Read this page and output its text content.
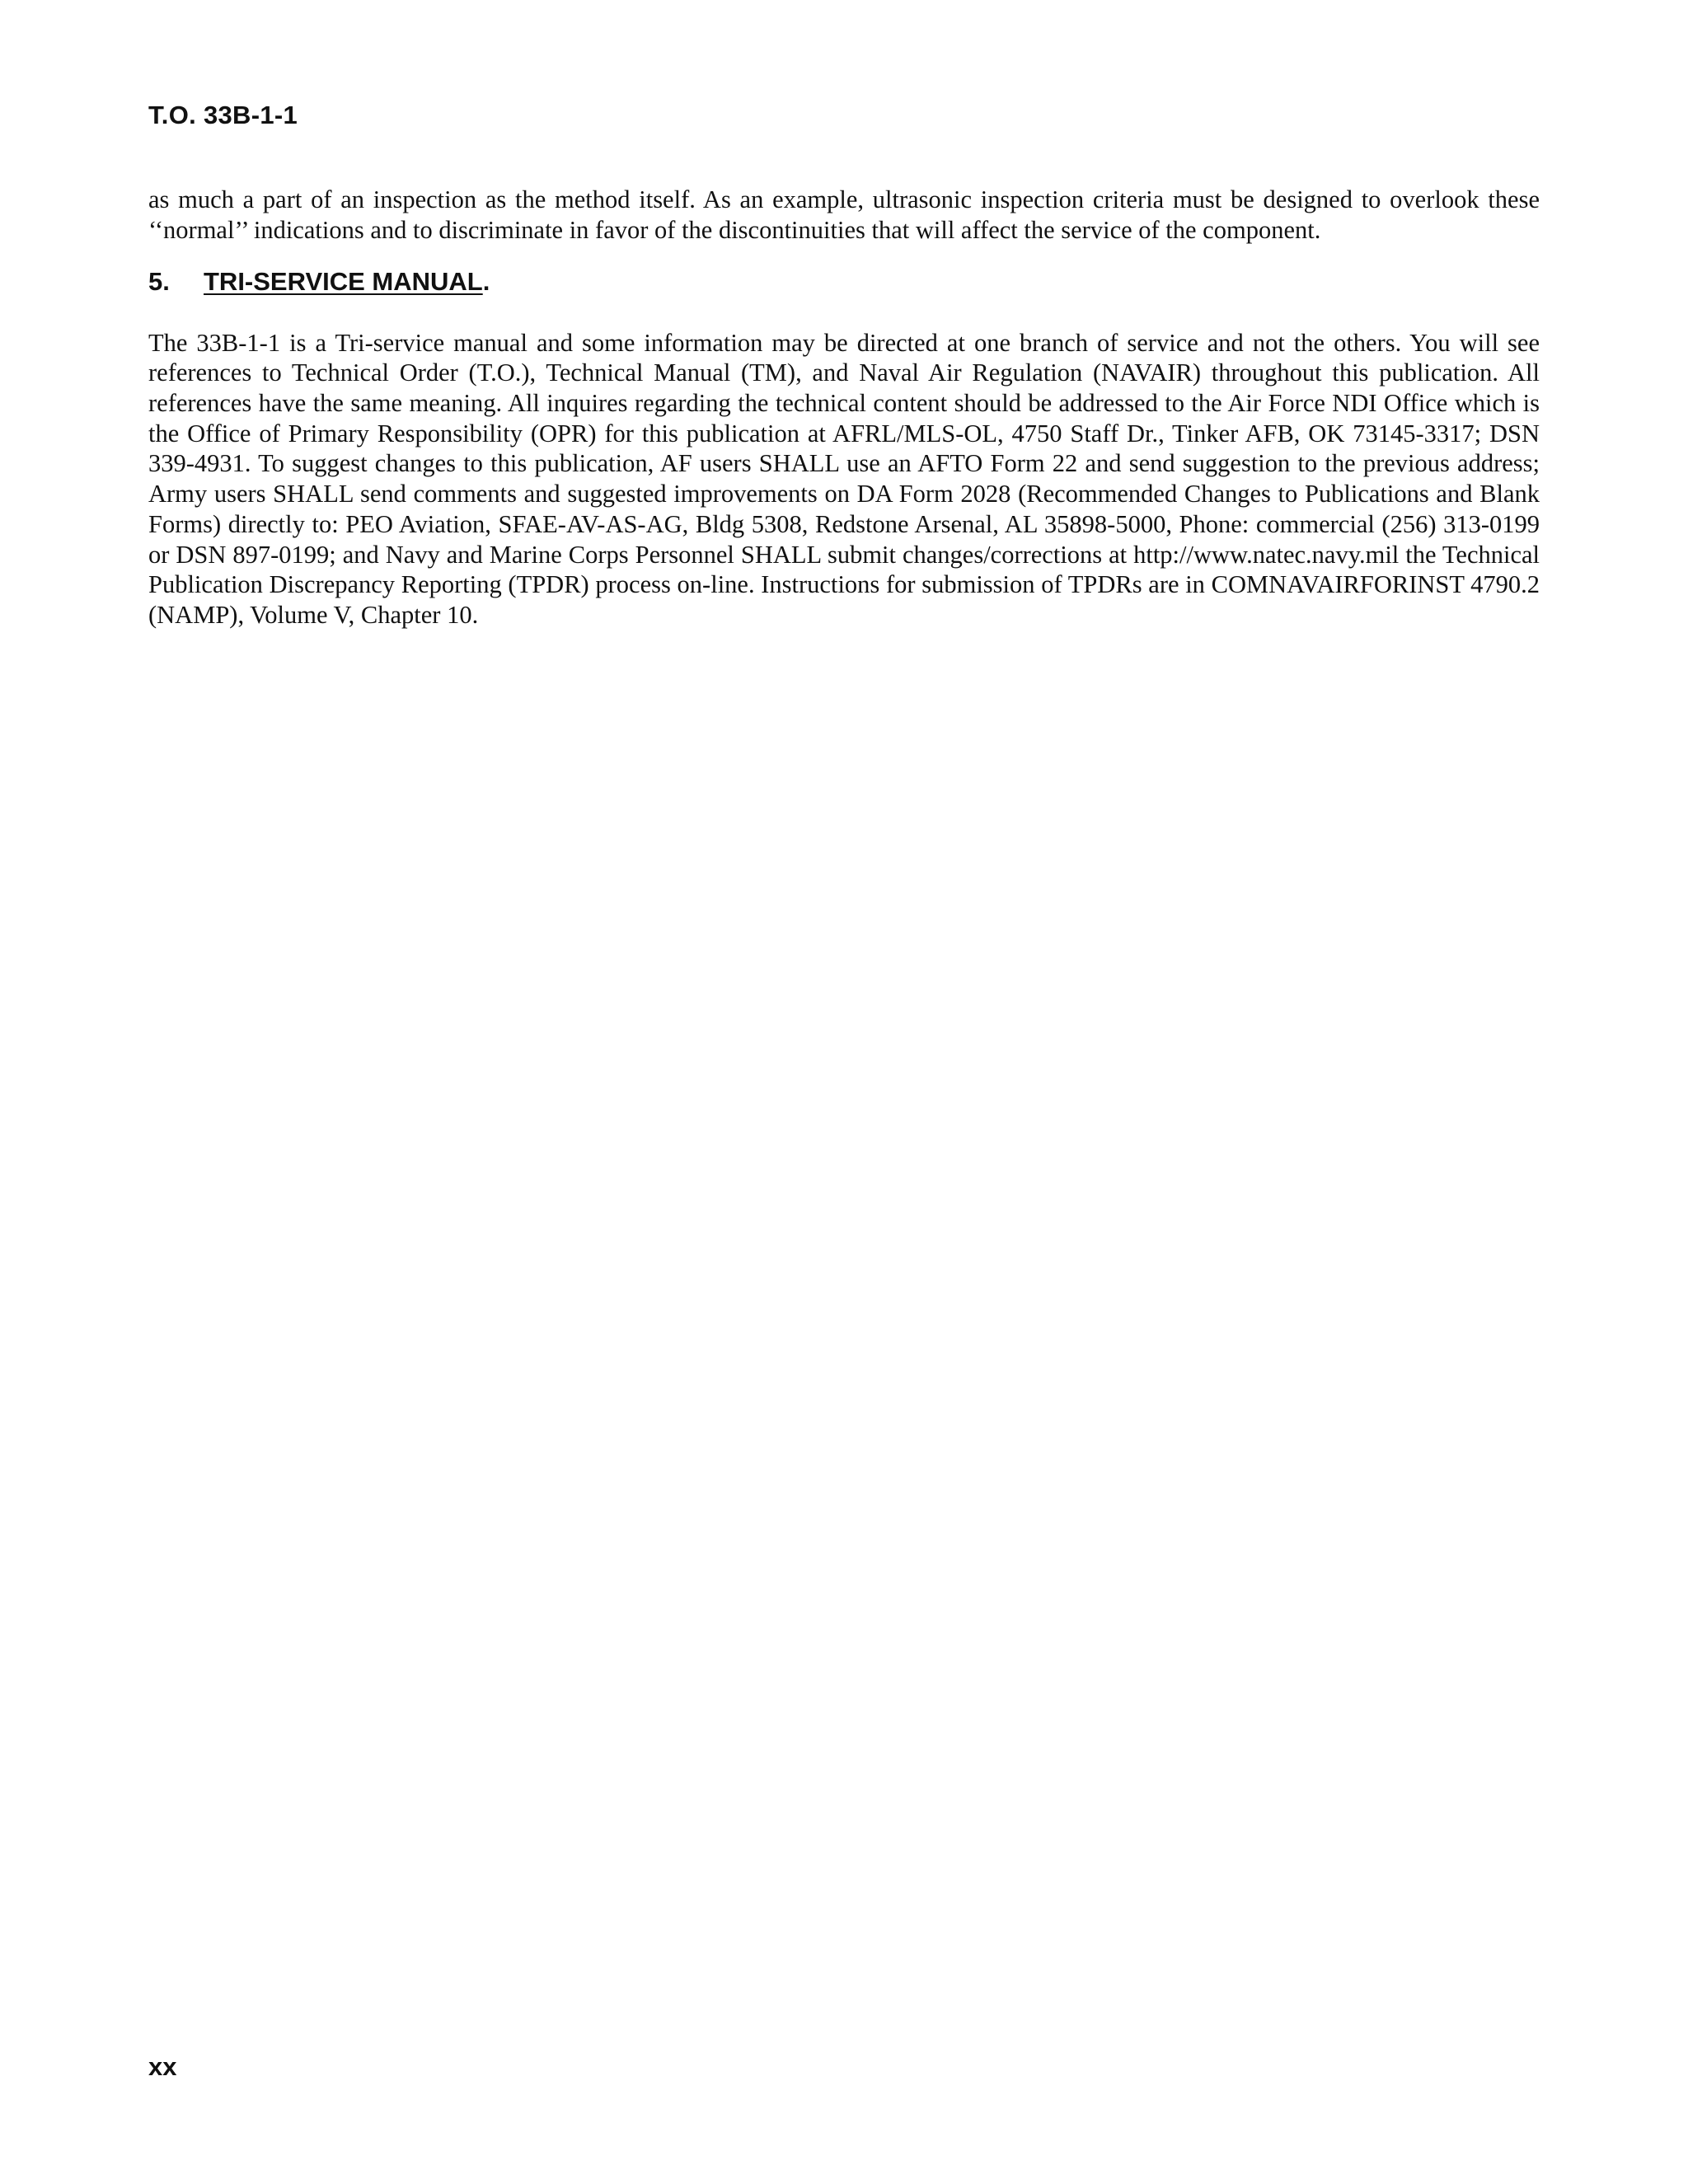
T.O. 33B-1-1

as much a part of an inspection as the method itself. As an example, ultrasonic inspection criteria must be designed to overlook these ‘‘normal’’ indications and to discriminate in favor of the discontinuities that will affect the service of the component.

5. TRI-SERVICE MANUAL.

The 33B-1-1 is a Tri-service manual and some information may be directed at one branch of service and not the others. You will see references to Technical Order (T.O.), Technical Manual (TM), and Naval Air Regulation (NAVAIR) throughout this publication. All references have the same meaning. All inquires regarding the technical content should be addressed to the Air Force NDI Office which is the Office of Primary Responsibility (OPR) for this publication at AFRL/MLS-OL, 4750 Staff Dr., Tinker AFB, OK 73145-3317; DSN 339-4931. To suggest changes to this publication, AF users SHALL use an AFTO Form 22 and send suggestion to the previous address; Army users SHALL send comments and suggested improvements on DA Form 2028 (Recommended Changes to Publications and Blank Forms) directly to: PEO Aviation, SFAE-AV-AS-AG, Bldg 5308, Redstone Arsenal, AL 35898-5000, Phone: commercial (256) 313-0199 or DSN 897-0199; and Navy and Marine Corps Personnel SHALL submit changes/corrections at http://www.natec.navy.mil the Technical Publication Discrepancy Reporting (TPDR) process on-line. Instructions for submission of TPDRs are in COMNAVAIRFORINST 4790.2 (NAMP), Volume V, Chapter 10.

xx
